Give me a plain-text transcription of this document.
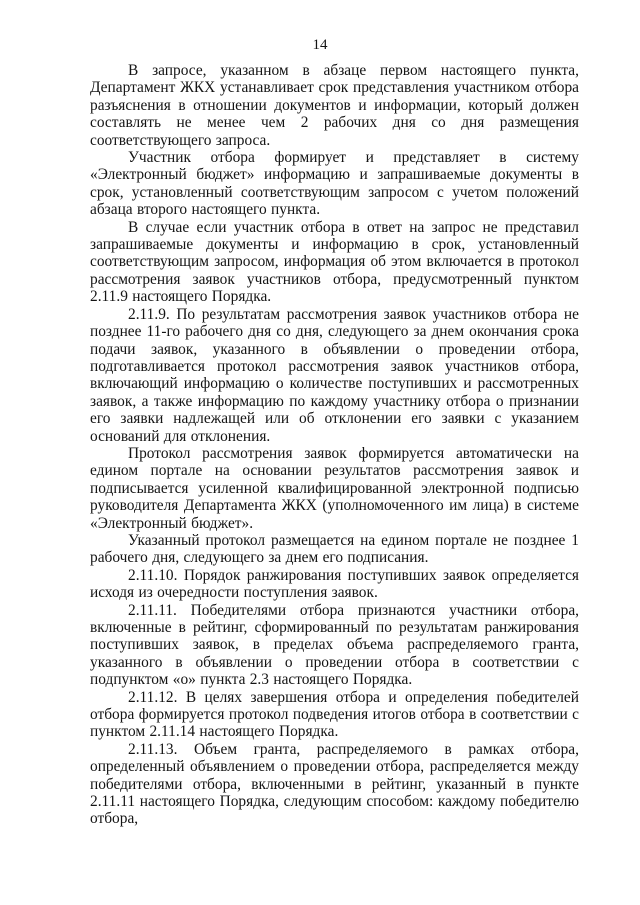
14

В запросе, указанном в абзаце первом настоящего пункта, Департамент ЖКХ устанавливает срок представления участником отбора разъяснения в отношении документов и информации, который должен составлять не менее чем 2 рабочих дня со дня размещения соответствующего запроса.

Участник отбора формирует и представляет в систему «Электронный бюджет» информацию и запрашиваемые документы в срок, установленный соответствующим запросом с учетом положений абзаца второго настоящего пункта.

В случае если участник отбора в ответ на запрос не представил запрашиваемые документы и информацию в срок, установленный соответствующим запросом, информация об этом включается в протокол рассмотрения заявок участников отбора, предусмотренный пунктом 2.11.9 настоящего Порядка.

2.11.9. По результатам рассмотрения заявок участников отбора не позднее 11-го рабочего дня со дня, следующего за днем окончания срока подачи заявок, указанного в объявлении о проведении отбора, подготавливается протокол рассмотрения заявок участников отбора, включающий информацию о количестве поступивших и рассмотренных заявок, а также информацию по каждому участнику отбора о признании его заявки надлежащей или об отклонении его заявки с указанием оснований для отклонения.

Протокол рассмотрения заявок формируется автоматически на едином портале на основании результатов рассмотрения заявок и подписывается усиленной квалифицированной электронной подписью руководителя Департамента ЖКХ (уполномоченного им лица) в системе «Электронный бюджет».

Указанный протокол размещается на едином портале не позднее 1 рабочего дня, следующего за днем его подписания.

2.11.10. Порядок ранжирования поступивших заявок определяется исходя из очередности поступления заявок.

2.11.11. Победителями отбора признаются участники отбора, включенные в рейтинг, сформированный по результатам ранжирования поступивших заявок, в пределах объема распределяемого гранта, указанного в объявлении о проведении отбора в соответствии с подпунктом «о» пункта 2.3 настоящего Порядка.

2.11.12. В целях завершения отбора и определения победителей отбора формируется протокол подведения итогов отбора в соответствии с пунктом 2.11.14 настоящего Порядка.

2.11.13. Объем гранта, распределяемого в рамках отбора, определенный объявлением о проведении отбора, распределяется между победителями отбора, включенными в рейтинг, указанный в пункте 2.11.11 настоящего Порядка, следующим способом: каждому победителю отбора,
